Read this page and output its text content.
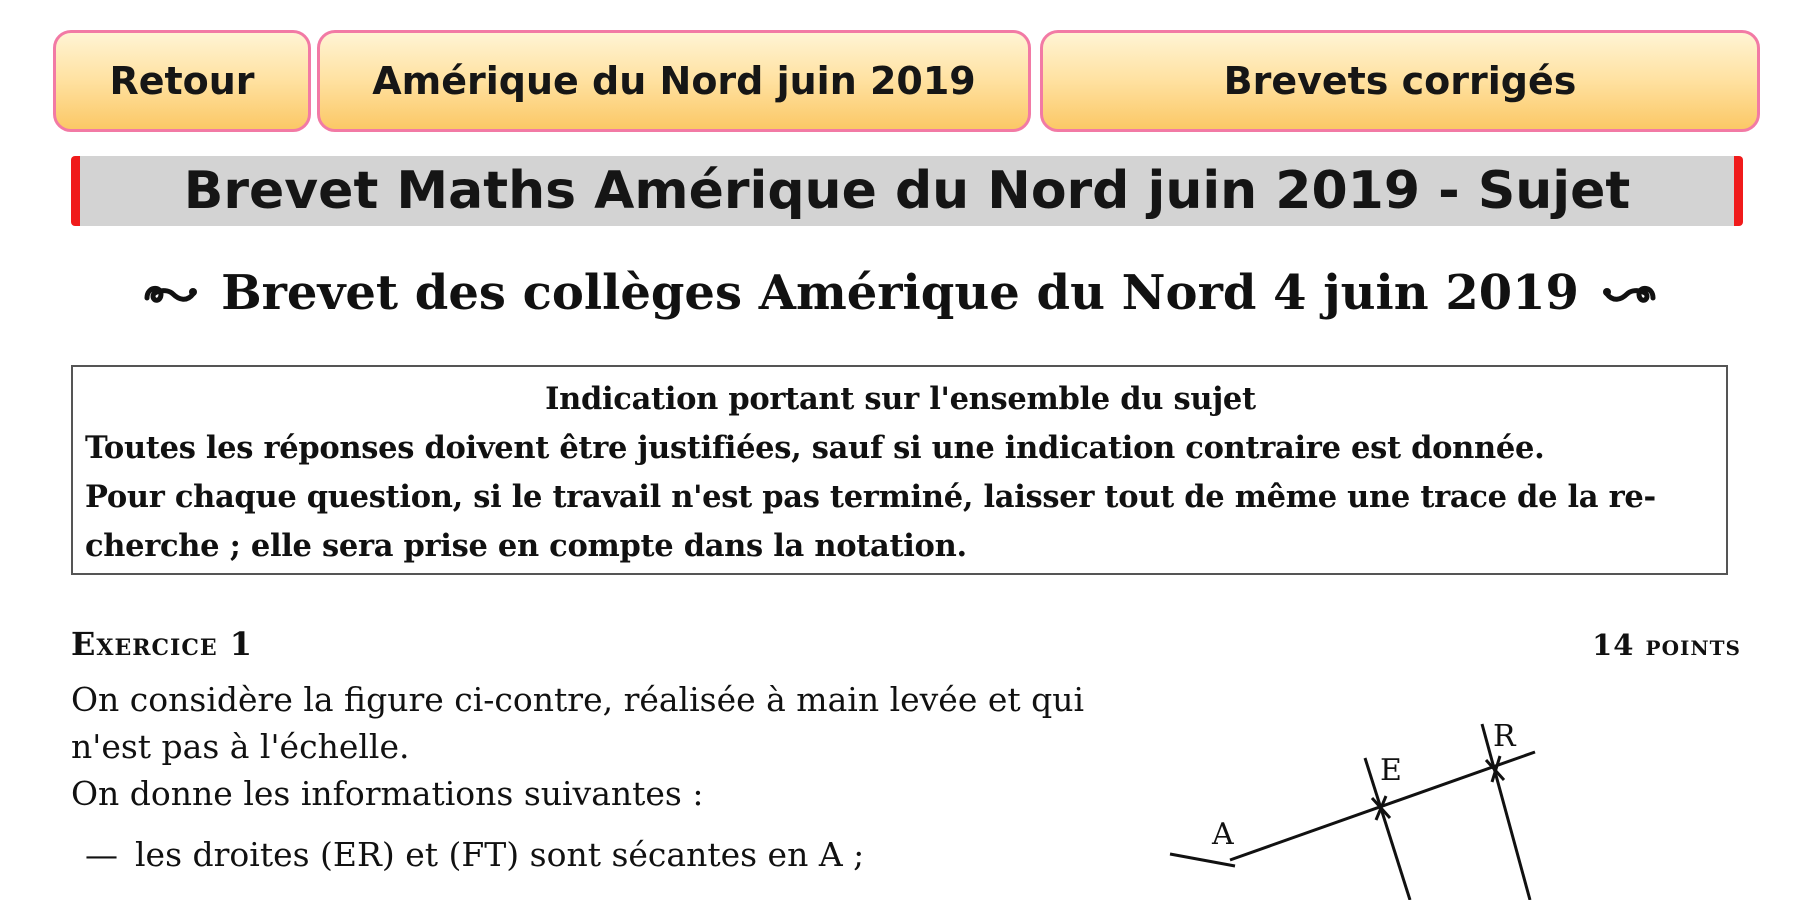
Retour	Amérique du Nord juin 2019	Brevets corrigés
Brevet Maths Amérique du Nord juin 2019 - Sujet
Brevet des collèges Amérique du Nord 4 juin 2019
Indication portant sur l'ensemble du sujet
Toutes les réponses doivent être justifiées, sauf si une indication contraire est donnée.
Pour chaque question, si le travail n'est pas terminé, laisser tout de même une trace de la re-
cherche ; elle sera prise en compte dans la notation.
Exercice 1	14 points

On considère la figure ci-contre, réalisée à main levée et qui

n'est pas à l'échelle.

On donne les informations suivantes :

— les droites (ER) et (FT) sont sécantes en A ;

A
E
R
